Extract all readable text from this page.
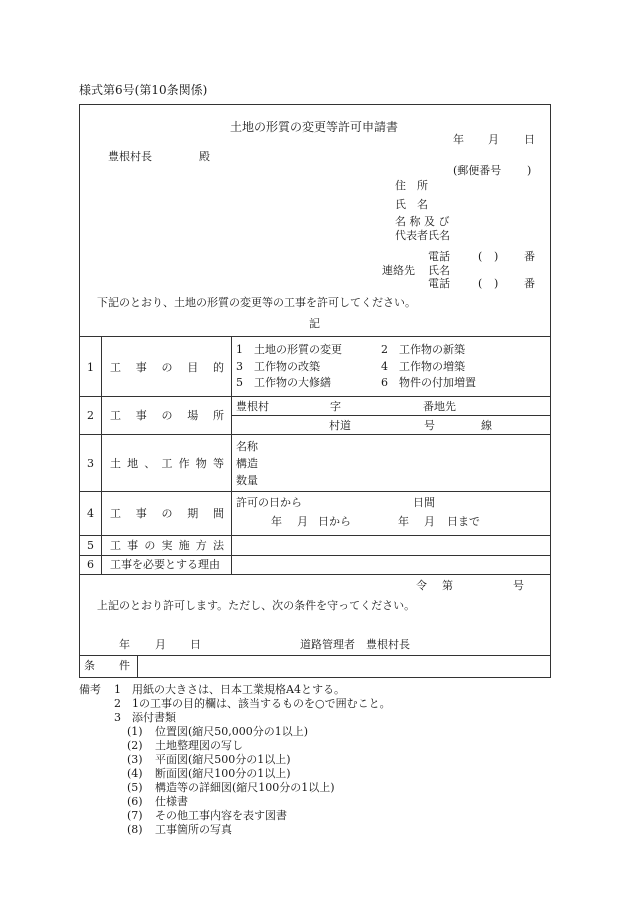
様式第6号(第10条関係)
土地の形質の変更等許可申請書
年 月 日
豊根村長	殿
(郵便番号 )
住　所
氏　名
名 称 及 び
代表者氏名
電話	( ) 番
連絡先 氏名
電話	( ) 番
下記のとおり、土地の形質の変更等の工事を許可してください。
記
1 工 事 の 目 的
1　土地の形質の変更	2　工作物の新築
3　工作物の改築	4　工作物の増築
5　工作物の大修繕	6　物件の付加増置
2 工 事 の 場 所
豊根村	字	番地先
村道	号	線
3 土 地 、 工 作 物 等
名称
構造
数量
4 工 事 の 期 間
許可の日から	日間
年 月 日から	年 月 日まで
5 工 事 の 実 施 方 法
6 工事を必要とする理由
令 第	号
上記のとおり許可します。ただし、次の条件を守ってください。
年 月 日	道路管理者　豊根村長
条 件
備考 1　用紙の大きさは、日本工業規格A4とする。
2　1の工事の目的欄は、該当するものを○で囲むこと。
3　添付書類
(1) 位置図(縮尺50,000分の1以上)
(2) 土地整理図の写し
(3) 平面図(縮尺500分の1以上)
(4) 断面図(縮尺100分の1以上)
(5) 構造等の詳細図(縮尺100分の1以上)
(6) 仕様書
(7) その他工事内容を表す図書
(8) 工事箇所の写真
